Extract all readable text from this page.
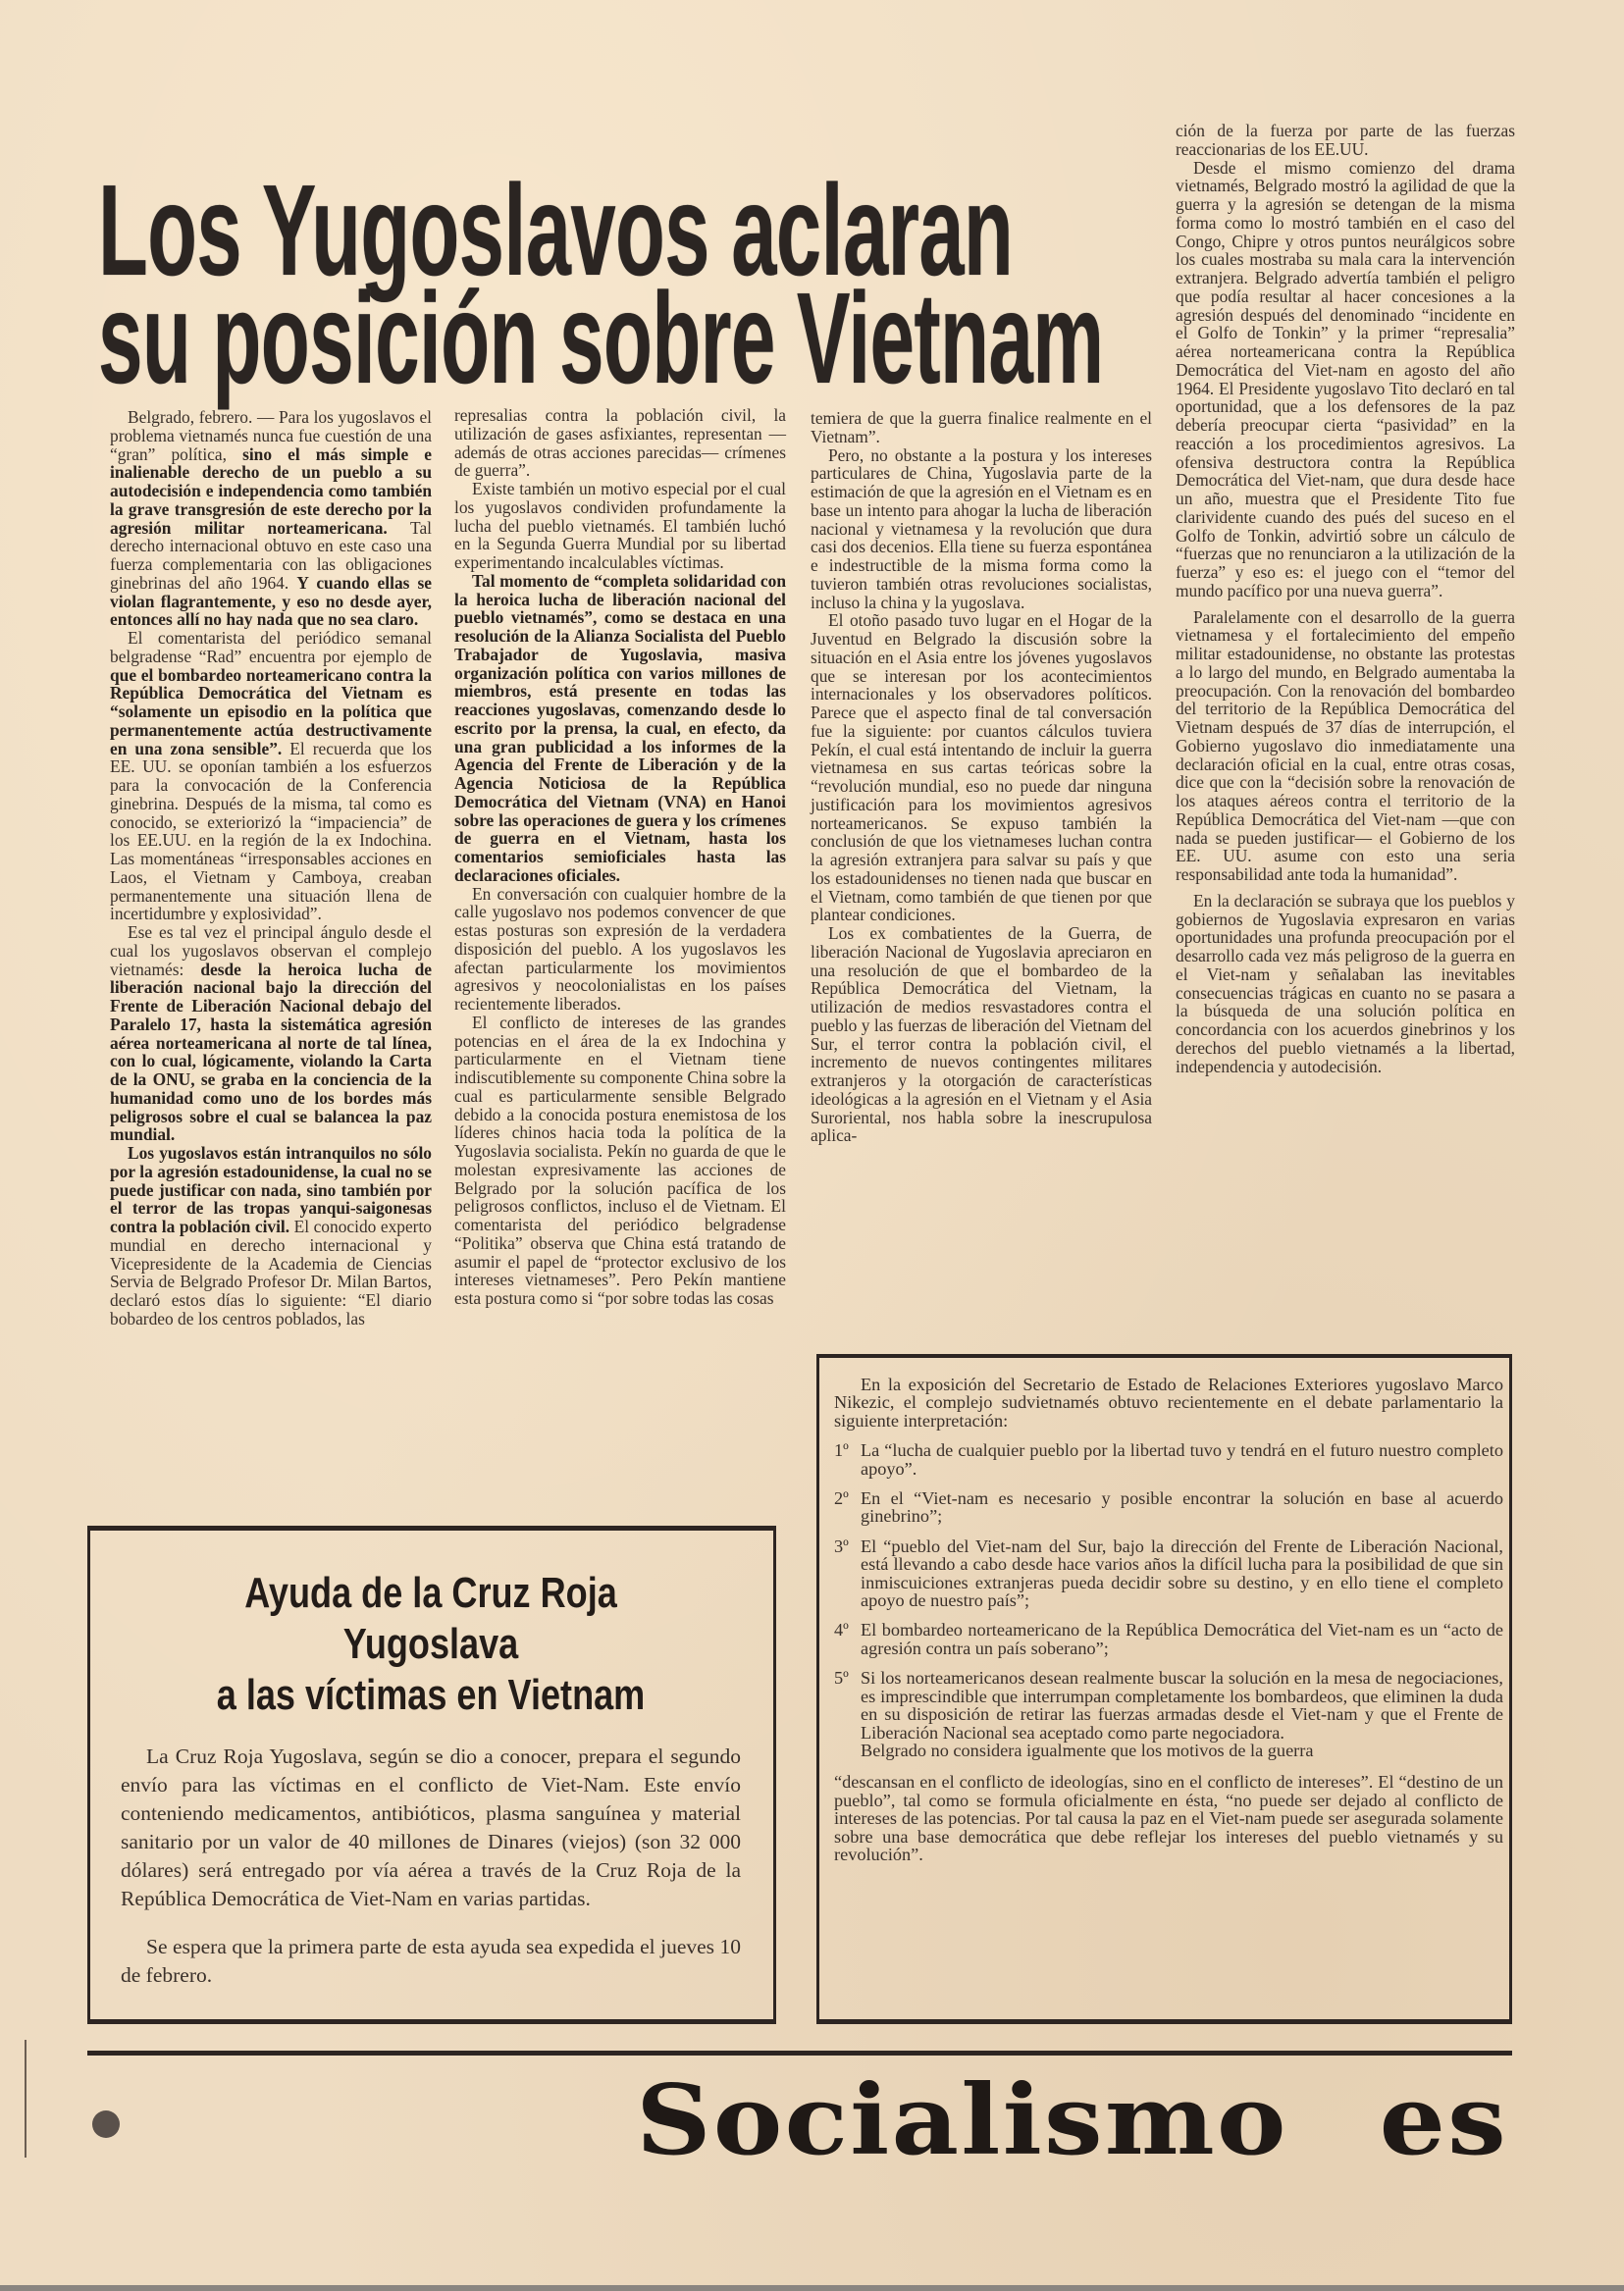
Los Yugoslavos aclaran
su posición sobre Vietnam

Belgrado, febrero. — Para los yugoslavos el problema vietnamés nunca fue cuestión de una “gran” política, sino el más simple e inalienable derecho de un pueblo a su autodecisión e independencia como también la grave transgresión de este derecho por la agresión militar norteamericana. Tal derecho internacional obtuvo en este caso una fuerza complementaria con las obligaciones ginebrinas del año 1964. Y cuando ellas se violan flagrantemente, y eso no desde ayer, entonces allí no hay nada que no sea claro.

El comentarista del periódico semanal belgradense “Rad” encuentra por ejemplo de que el bombardeo norteamericano contra la República Democrática del Vietnam es “solamente un episodio en la política que permanentemente actúa destructivamente en una zona sensible”. El recuerda que los EE. UU. se oponían también a los esfuerzos para la convocación de la Conferencia ginebrina. Después de la misma, tal como es conocido, se exteriorizó la “impaciencia” de los EE.UU. en la región de la ex Indochina. Las momentáneas “irresponsables acciones en Laos, el Vietnam y Camboya, creaban permanentemente una situación llena de incertidumbre y explosividad”.

Ese es tal vez el principal ángulo desde el cual los yugoslavos observan el complejo vietnamés: desde la heroica lucha de liberación nacional bajo la dirección del Frente de Liberación Nacional debajo del Paralelo 17, hasta la sistemática agresión aérea norteamericana al norte de tal línea, con lo cual, lógicamente, violando la Carta de la ONU, se graba en la conciencia de la humanidad como uno de los bordes más peligrosos sobre el cual se balancea la paz mundial.

Los yugoslavos están intranquilos no sólo por la agresión estadounidense, la cual no se puede justificar con nada, sino también por el terror de las tropas yanqui-saigonesas contra la población civil. El conocido experto mundial en derecho internacional y Vicepresidente de la Academia de Ciencias Servia de Belgrado Profesor Dr. Milan Bartos, declaró estos días lo siguiente: “El diario bobardeo de los centros poblados, las

represalias contra la población civil, la utilización de gases asfixiantes, representan —además de otras acciones parecidas— crímenes de guerra”.

Existe también un motivo especial por el cual los yugoslavos condividen profundamente la lucha del pueblo vietnamés. El también luchó en la Segunda Guerra Mundial por su libertad experimentando incalculables víctimas.

Tal momento de “completa solidaridad con la heroica lucha de liberación nacional del pueblo vietnamés”, como se destaca en una resolución de la Alianza Socialista del Pueblo Trabajador de Yugoslavia, masiva organización política con varios millones de miembros, está presente en todas las reacciones yugoslavas, comenzando desde lo escrito por la prensa, la cual, en efecto, da una gran publicidad a los informes de la Agencia del Frente de Liberación y de la Agencia Noticiosa de la República Democrática del Vietnam (VNA) en Hanoi sobre las operaciones de guera y los crímenes de guerra en el Vietnam, hasta los comentarios semioficiales hasta las declaraciones oficiales.

En conversación con cualquier hombre de la calle yugoslavo nos podemos convencer de que estas posturas son expresión de la verdadera disposición del pueblo. A los yugoslavos les afectan particularmente los movimientos agresivos y neocolonialistas en los países recientemente liberados.

El conflicto de intereses de las grandes potencias en el área de la ex Indochina y particularmente en el Vietnam tiene indiscutiblemente su componente China sobre la cual es particularmente sensible Belgrado debido a la conocida postura enemistosa de los líderes chinos hacia toda la política de la Yugoslavia socialista. Pekín no guarda de que le molestan expresivamente las acciones de Belgrado por la solución pacífica de los peligrosos conflictos, incluso el de Vietnam. El comentarista del periódico belgradense “Politika” observa que China está tratando de asumir el papel de “protector exclusivo de los intereses vietnameses”. Pero Pekín mantiene esta postura como si “por sobre todas las cosas

temiera de que la guerra finalice realmente en el Vietnam”.

Pero, no obstante a la postura y los intereses particulares de China, Yugoslavia parte de la estimación de que la agresión en el Vietnam es en base un intento para ahogar la lucha de liberación nacional y vietnamesa y la revolución que dura casi dos decenios. Ella tiene su fuerza espontánea e indestructible de la misma forma como la tuvieron también otras revoluciones socialistas, incluso la china y la yugoslava.

El otoño pasado tuvo lugar en el Hogar de la Juventud en Belgrado la discusión sobre la situación en el Asia entre los jóvenes yugoslavos que se interesan por los acontecimientos internacionales y los observadores políticos. Parece que el aspecto final de tal conversación fue la siguiente: por cuantos cálculos tuviera Pekín, el cual está intentando de incluir la guerra vietnamesa en sus cartas teóricas sobre la “revolución mundial, eso no puede dar ninguna justificación para los movimientos agresivos norteamericanos. Se expuso también la conclusión de que los vietnameses luchan contra la agresión extranjera para salvar su país y que los estadounidenses no tienen nada que buscar en el Vietnam, como también de que tienen por que plantear condiciones.

Los ex combatientes de la Guerra, de liberación Nacional de Yugoslavia apreciaron en una resolución de que el bombardeo de la República Democrática del Vietnam, la utilización de medios resvastadores contra el pueblo y las fuerzas de liberación del Vietnam del Sur, el terror contra la población civil, el incremento de nuevos contingentes militares extranjeros y la otorgación de características ideológicas a la agresión en el Vietnam y el Asia Suroriental, nos habla sobre la inescrupulosa aplica-

ción de la fuerza por parte de las fuerzas reaccionarias de los EE.UU.

Desde el mismo comienzo del drama vietnamés, Belgrado mostró la agilidad de que la guerra y la agresión se detengan de la misma forma como lo mostró también en el caso del Congo, Chipre y otros puntos neurálgicos sobre los cuales mostraba su mala cara la intervención extranjera. Belgrado advertía también el peligro que podía resultar al hacer concesiones a la agresión después del denominado “incidente en el Golfo de Tonkin” y la primer “represalia” aérea norteamericana contra la República Democrática del Viet-nam en agosto del año 1964. El Presidente yugoslavo Tito declaró en tal oportunidad, que a los defensores de la paz debería preocupar cierta “pasividad” en la reacción a los procedimientos agresivos. La ofensiva destructora contra la República Democrática del Viet-nam, que dura desde hace un año, muestra que el Presidente Tito fue clarividente cuando des pués del suceso en el Golfo de Tonkin, advirtió sobre un cálculo de “fuerzas que no renunciaron a la utilización de la fuerza” y eso es: el juego con el “temor del mundo pacífico por una nueva guerra”.

Paralelamente con el desarrollo de la guerra vietnamesa y el fortalecimiento del empeño militar estadounidense, no obstante las protestas a lo largo del mundo, en Belgrado aumentaba la preocupación. Con la renovación del bombardeo del territorio de la República Democrática del Vietnam después de 37 días de interrupción, el Gobierno yugoslavo dio inmediatamente una declaración oficial en la cual, entre otras cosas, dice que con la “decisión sobre la renovación de los ataques aéreos contra el territorio de la República Democrática del Viet-nam —que con nada se pueden justificar— el Gobierno de los EE. UU. asume con esto una seria responsabilidad ante toda la humanidad”.

En la declaración se subraya que los pueblos y gobiernos de Yugoslavia expresaron en varias oportunidades una profunda preocupación por el desarrollo cada vez más peligroso de la guerra en el Viet-nam y señalaban las inevitables consecuencias trágicas en cuanto no se pasara a la búsqueda de una solución política en concordancia con los acuerdos ginebrinos y los derechos del pueblo vietnamés a la libertad, independencia y autodecisión.

Ayuda de la Cruz Roja Yugoslava
a las víctimas en Vietnam

La Cruz Roja Yugoslava, según se dio a conocer, prepara el segundo envío para las víctimas en el conflicto de Viet-Nam. Este envío conteniendo medicamentos, antibióticos, plasma sanguínea y material sanitario por un valor de 40 millones de Dinares (viejos) (son 32 000 dólares) será entregado por vía aérea a través de la Cruz Roja de la República Democrática de Viet-Nam en varias partidas.

Se espera que la primera parte de esta ayuda sea expedida el jueves 10 de febrero.

En la exposición del Secretario de Estado de Relaciones Exteriores yugoslavo Marco Nikezic, el complejo sudvietnamés obtuvo recientemente en el debate parlamentario la siguiente interpretación:

1º La “lucha de cualquier pueblo por la libertad tuvo y tendrá en el futuro nuestro completo apoyo”.
2º En el “Viet-nam es necesario y posible encontrar la solución en base al acuerdo ginebrino”;
3º El “pueblo del Viet-nam del Sur, bajo la dirección del Frente de Liberación Nacional, está llevando a cabo desde hace varios años la difícil lucha para la posibilidad de que sin inmiscuiciones extranjeras pueda decidir sobre su destino, y en ello tiene el completo apoyo de nuestro país”;
4º El bombardeo norteamericano de la República Democrática del Viet-nam es un “acto de agresión contra un país soberano”;
5º Si los norteamericanos desean realmente buscar la solución en la mesa de negociaciones, es imprescindible que interrumpan completamente los bombardeos, que eliminen la duda en su disposición de retirar las fuerzas armadas desde el Viet-nam y que el Frente de Liberación Nacional sea aceptado como parte negociadora.

Belgrado no considera igualmente que los motivos de la guerra

“descansan en el conflicto de ideologías, sino en el conflicto de intereses”. El “destino de un pueblo”, tal como se formula oficialmente en ésta, “no puede ser dejado al conflicto de intereses de las potencias. Por tal causa la paz en el Viet-nam puede ser asegurada solamente sobre una base democrática que debe reflejar los intereses del pueblo vietnamés y su revolución”.

Socialismo es
